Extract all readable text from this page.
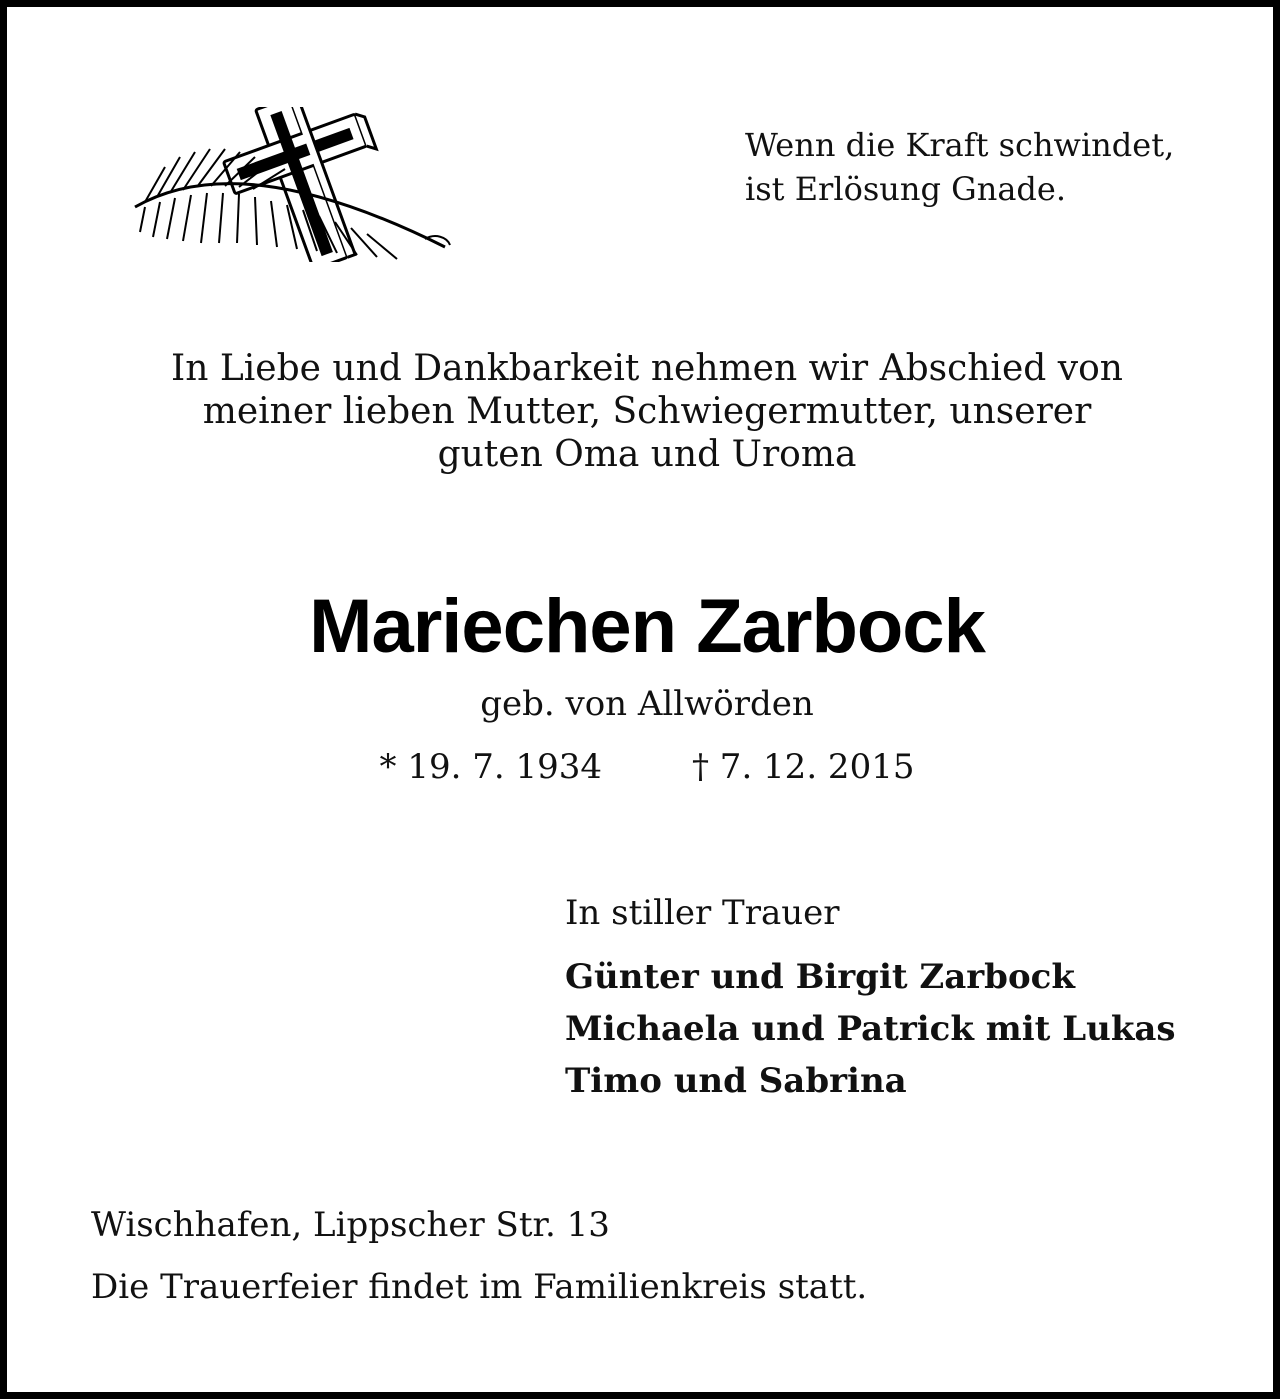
Wenn die Kraft schwindet,
ist Erlösung Gnade.
In Liebe und Dankbarkeit nehmen wir Abschied von
meiner lieben Mutter, Schwiegermutter, unserer
guten Oma und Uroma
Mariechen Zarbock
geb. von Allwörden
* 19. 7. 1934	† 7. 12. 2015
In stiller Trauer
Günter und Birgit Zarbock
Michaela und Patrick mit Lukas
Timo und Sabrina
Wischhafen, Lippscher Str. 13
Die Trauerfeier findet im Familienkreis statt.
